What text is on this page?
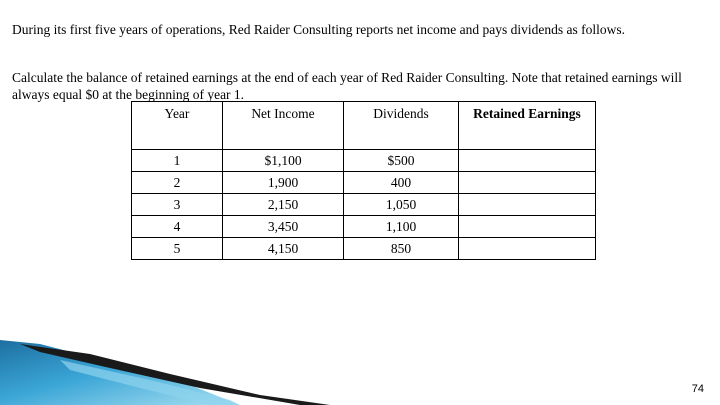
During its first five years of operations, Red Raider Consulting reports net income and pays dividends as follows.
Calculate the balance of retained earnings at the end of each year of Red Raider Consulting. Note that retained earnings will always equal $0 at the beginning of year 1.
Year	Net Income	Dividends	Retained Earnings
1	$1,100	$500	
2	1,900	400	
3	2,150	1,050	
4	3,450	1,100	
5	4,150	850	
74
